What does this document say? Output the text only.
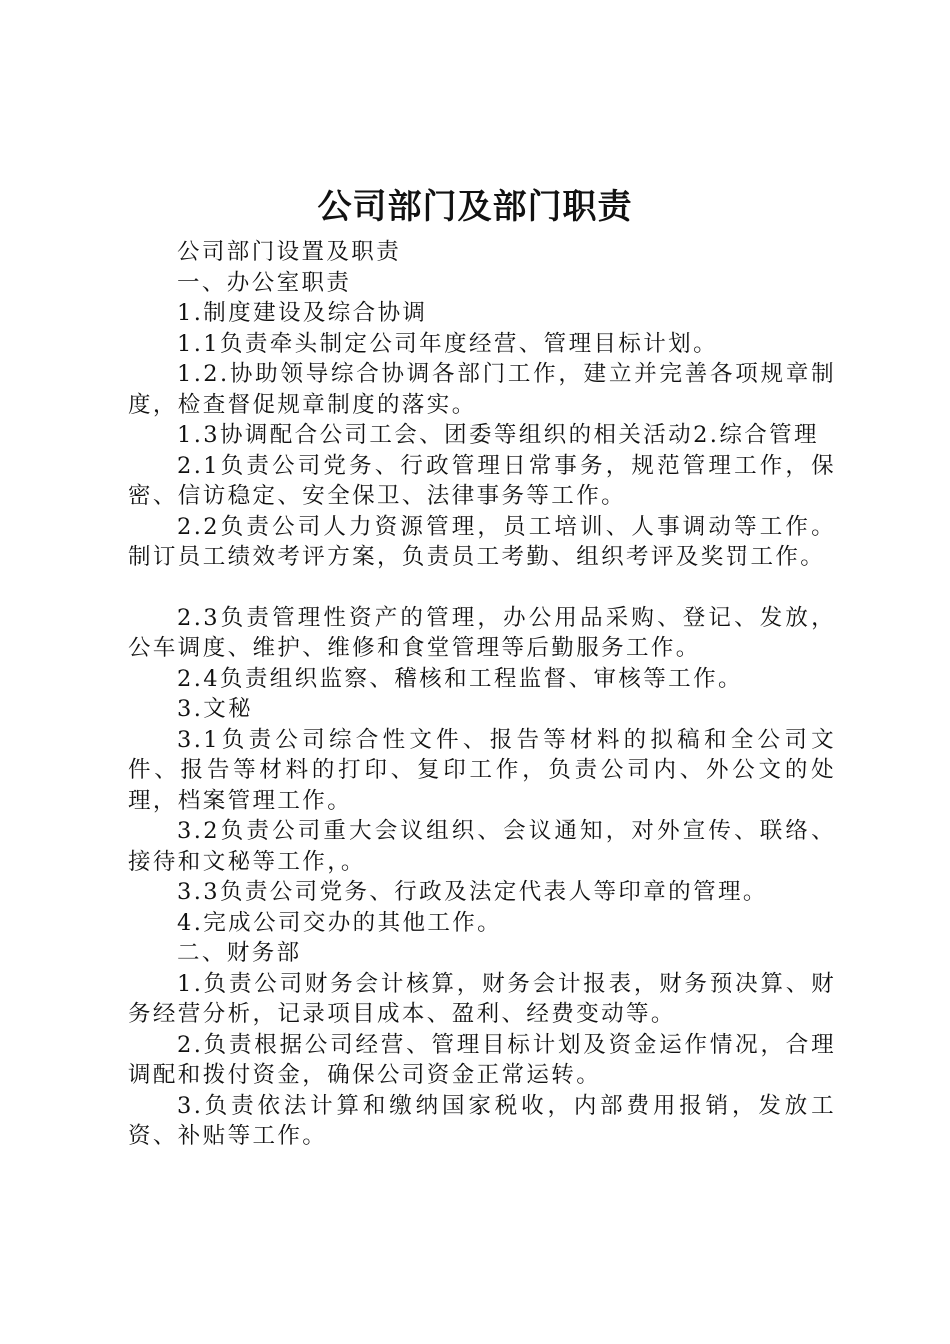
公司部门及部门职责

公司部门设置及职责

一、办公室职责

1.制度建设及综合协调

1.1负责牵头制定公司年度经营、管理目标计划。

1.2.协助领导综合协调各部门工作，建立并完善各项规章制度，检查督促规章制度的落实。

1.3协调配合公司工会、团委等组织的相关活动2.综合管理

2.1负责公司党务、行政管理日常事务，规范管理工作，保密、信访稳定、安全保卫、法律事务等工作。

2.2负责公司人力资源管理，员工培训、人事调动等工作。制订员工绩效考评方案，负责员工考勤、组织考评及奖罚工作。

2.3负责管理性资产的管理，办公用品采购、登记、发放，公车调度、维护、维修和食堂管理等后勤服务工作。

2.4负责组织监察、稽核和工程监督、审核等工作。

3.文秘

3.1负责公司综合性文件、报告等材料的拟稿和全公司文件、报告等材料的打印、复印工作，负责公司内、外公文的处理，档案管理工作。

3.2负责公司重大会议组织、会议通知，对外宣传、联络、接待和文秘等工作，。

3.3负责公司党务、行政及法定代表人等印章的管理。

4.完成公司交办的其他工作。

二、财务部

1.负责公司财务会计核算，财务会计报表，财务预决算、财务经营分析，记录项目成本、盈利、经费变动等。

2.负责根据公司经营、管理目标计划及资金运作情况，合理调配和拨付资金，确保公司资金正常运转。

3.负责依法计算和缴纳国家税收，内部费用报销，发放工资、补贴等工作。
